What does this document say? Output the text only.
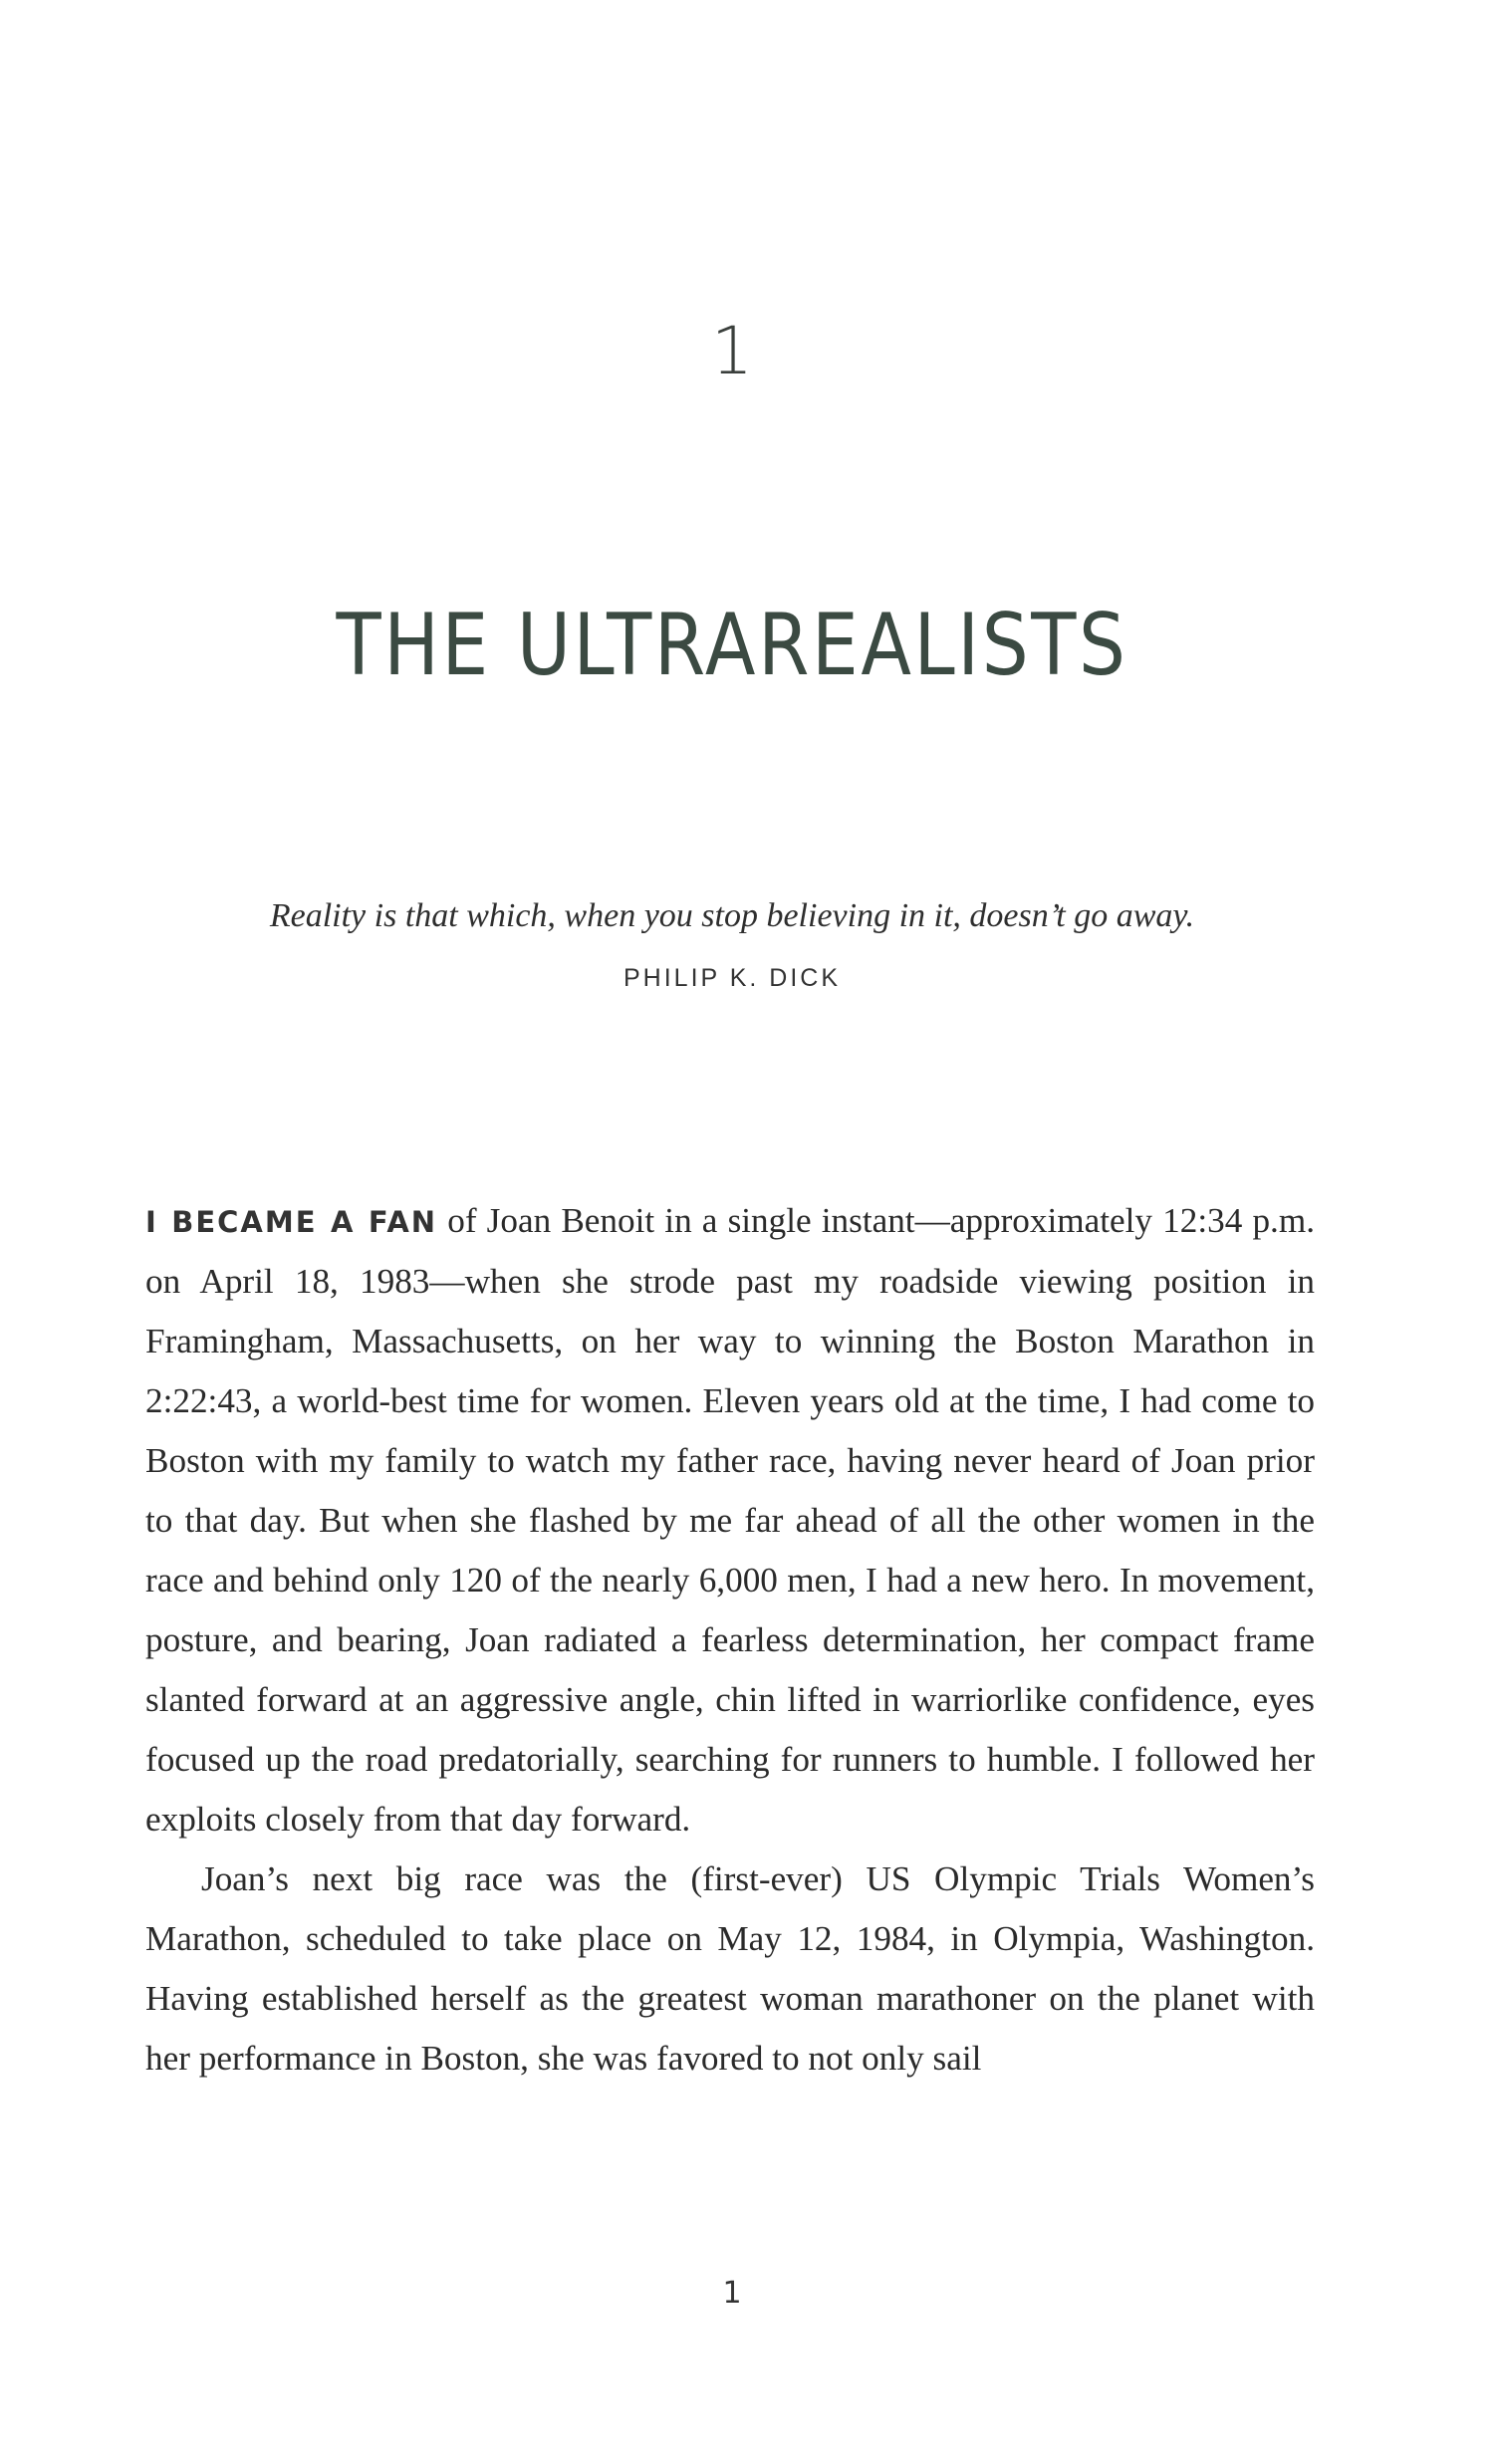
1
THE ULTRAREALISTS
Reality is that which, when you stop believing in it, doesn’t go away.
PHILIP K. DICK

I BECAME A FAN of Joan Benoit in a single instant—approximately 12:34 p.m. on April 18, 1983—when she strode past my roadside viewing position in Framingham, Massachusetts, on her way to winning the Boston Marathon in 2:22:43, a world-best time for women. Eleven years old at the time, I had come to Boston with my family to watch my father race, having never heard of Joan prior to that day. But when she flashed by me far ahead of all the other women in the race and behind only 120 of the nearly 6,000 men, I had a new hero. In movement, posture, and bearing, Joan radiated a fearless determination, her compact frame slanted forward at an aggressive angle, chin lifted in warriorlike confidence, eyes focused up the road predatorially, searching for runners to humble. I followed her exploits closely from that day forward.

Joan’s next big race was the (first-ever) US Olympic Trials Women’s Marathon, scheduled to take place on May 12, 1984, in Olympia, Washington. Having established herself as the greatest woman marathoner on the planet with her performance in Boston, she was favored to not only sail

1
